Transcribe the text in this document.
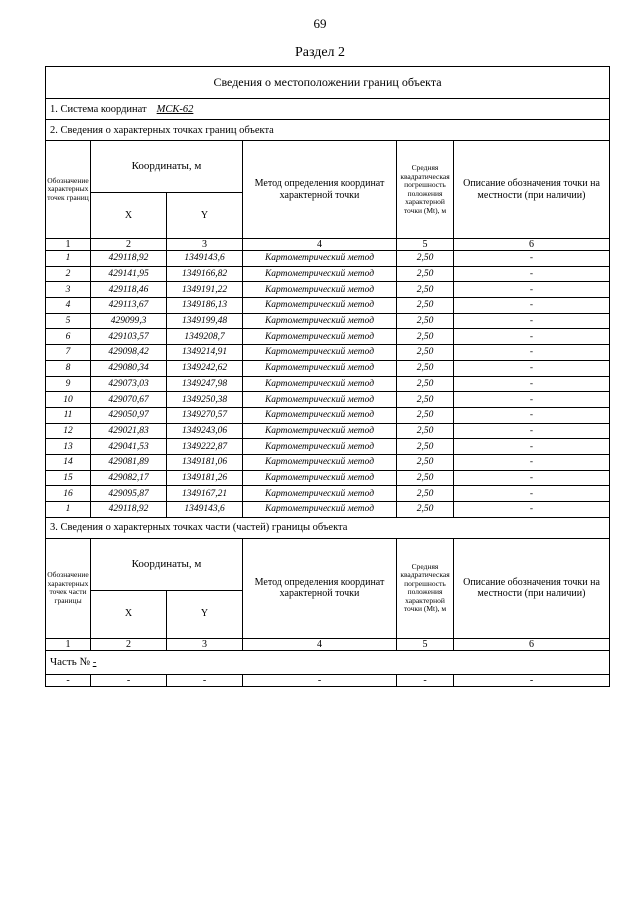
69
Раздел 2
Сведения о местоположении границ объекта					
1. Система координат МСК-62					
2. Сведения о характерных точках границ объекта					
Обозначение характерных точек границ	Координаты, м		Метод определения координат характерной точки	Средняя квадратическая погрешность положения характерной точки (Mt), м	Описание обозначения точки на местности (при наличии)
	X	Y			
1	2	3	4	5	6
1	429118,92	1349143,6	Картометрический метод	2,50	-
2	429141,95	1349166,82	Картометрический метод	2,50	-
3	429118,46	1349191,22	Картометрический метод	2,50	-
4	429113,67	1349186,13	Картометрический метод	2,50	-
5	429099,3	1349199,48	Картометрический метод	2,50	-
6	429103,57	1349208,7	Картометрический метод	2,50	-
7	429098,42	1349214,91	Картометрический метод	2,50	-
8	429080,34	1349242,62	Картометрический метод	2,50	-
9	429073,03	1349247,98	Картометрический метод	2,50	-
10	429070,67	1349250,38	Картометрический метод	2,50	-
11	429050,97	1349270,57	Картометрический метод	2,50	-
12	429021,83	1349243,06	Картометрический метод	2,50	-
13	429041,53	1349222,87	Картометрический метод	2,50	-
14	429081,89	1349181,06	Картометрический метод	2,50	-
15	429082,17	1349181,26	Картометрический метод	2,50	-
16	429095,87	1349167,21	Картометрический метод	2,50	-
1	429118,92	1349143,6	Картометрический метод	2,50	-
3. Сведения о характерных точках части (частей) границы объекта					
Обозначение характерных точек части границы	Координаты, м		Метод определения координат характерной точки	Средняя квадратическая погрешность положения характерной точки (Mt), м	Описание обозначения точки на местности (при наличии)
	X	Y			
1	2	3	4	5	6
Часть № -					
-	-	-	-	-	-
